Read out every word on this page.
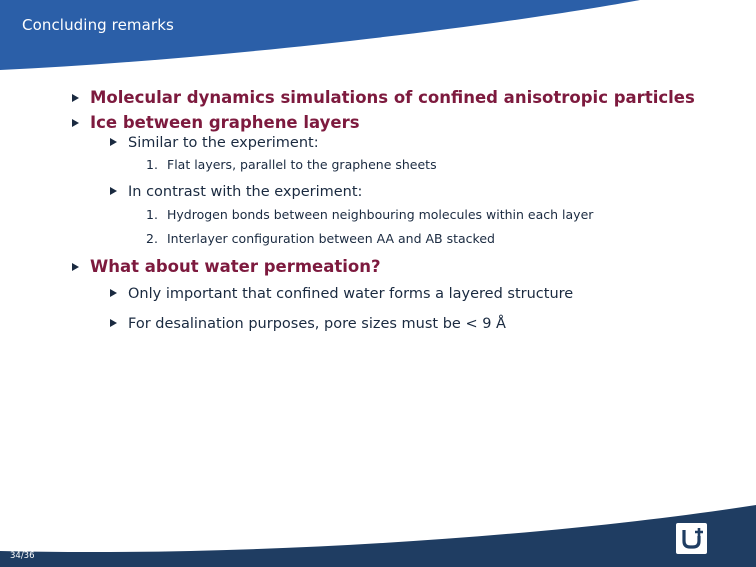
Concluding remarks
Molecular dynamics simulations of confined anisotropic particles
Ice between graphene layers
Similar to the experiment:
1. Flat layers, parallel to the graphene sheets
In contrast with the experiment:
1. Hydrogen bonds between neighbouring molecules within each layer
2. Interlayer configuration between AA and AB stacked
What about water permeation?
Only important that confined water forms a layered structure
For desalination purposes, pore sizes must be < 9 Å
34/36
